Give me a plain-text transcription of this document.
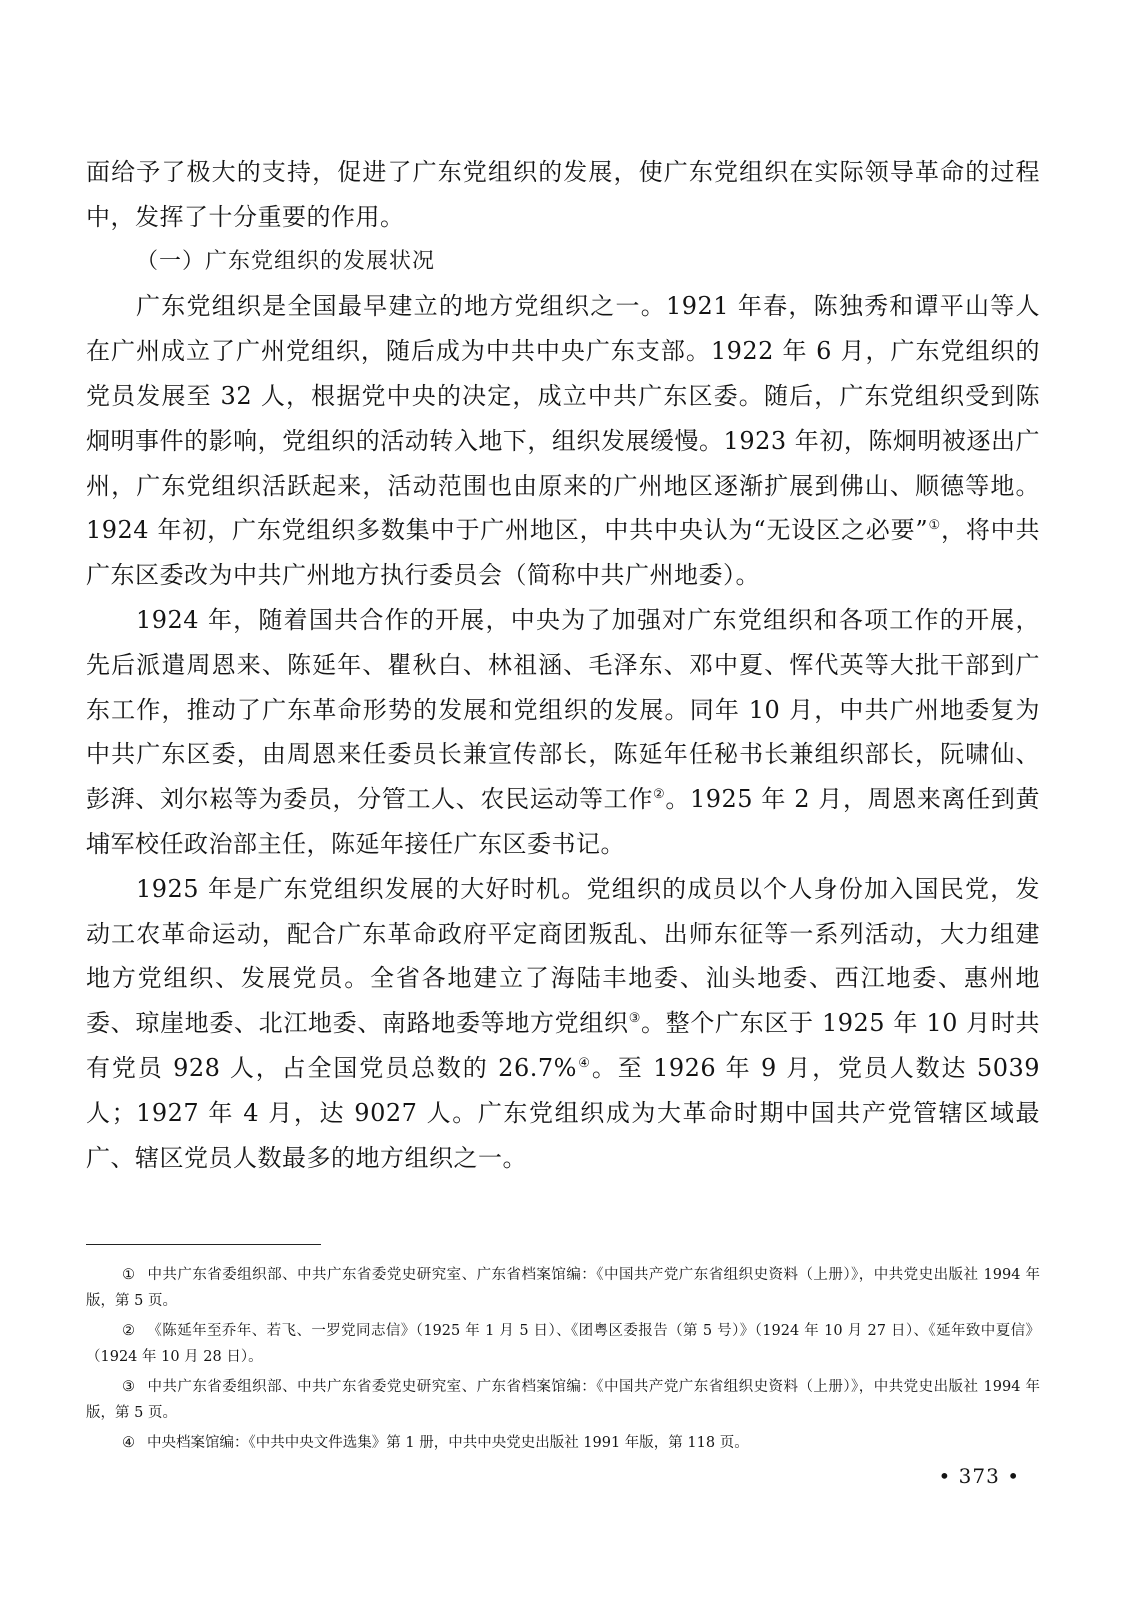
面给予了极大的支持，促进了广东党组织的发展，使广东党组织在实际领导革命的过程中，发挥了十分重要的作用。

（一）广东党组织的发展状况

广东党组织是全国最早建立的地方党组织之一。1921 年春，陈独秀和谭平山等人在广州成立了广州党组织，随后成为中共中央广东支部。1922 年 6 月，广东党组织的党员发展至 32 人，根据党中央的决定，成立中共广东区委。随后，广东党组织受到陈炯明事件的影响，党组织的活动转入地下，组织发展缓慢。1923 年初，陈炯明被逐出广州，广东党组织活跃起来，活动范围也由原来的广州地区逐渐扩展到佛山、顺德等地。1924 年初，广东党组织多数集中于广州地区，中共中央认为“无设区之必要”①，将中共广东区委改为中共广州地方执行委员会（简称中共广州地委）。

1924 年，随着国共合作的开展，中央为了加强对广东党组织和各项工作的开展，先后派遣周恩来、陈延年、瞿秋白、林祖涵、毛泽东、邓中夏、恽代英等大批干部到广东工作，推动了广东革命形势的发展和党组织的发展。同年 10 月，中共广州地委复为中共广东区委，由周恩来任委员长兼宣传部长，陈延年任秘书长兼组织部长，阮啸仙、彭湃、刘尔崧等为委员，分管工人、农民运动等工作②。1925 年 2 月，周恩来离任到黄埔军校任政治部主任，陈延年接任广东区委书记。

1925 年是广东党组织发展的大好时机。党组织的成员以个人身份加入国民党，发动工农革命运动，配合广东革命政府平定商团叛乱、出师东征等一系列活动，大力组建地方党组织、发展党员。全省各地建立了海陆丰地委、汕头地委、西江地委、惠州地委、琼崖地委、北江地委、南路地委等地方党组织③。整个广东区于 1925 年 10 月时共有党员 928 人，占全国党员总数的 26.7%④。至 1926 年 9 月，党员人数达 5039 人；1927 年 4 月，达 9027 人。广东党组织成为大革命时期中国共产党管辖区域最广、辖区党员人数最多的地方组织之一。

① 中共广东省委组织部、中共广东省委党史研究室、广东省档案馆编：《中国共产党广东省组织史资料（上册）》，中共党史出版社 1994 年版，第 5 页。

② 《陈延年至乔年、若飞、一罗党同志信》（1925 年 1 月 5 日）、《团粤区委报告（第 5 号）》（1924 年 10 月 27 日）、《延年致中夏信》（1924 年 10 月 28 日）。

③ 中共广东省委组织部、中共广东省委党史研究室、广东省档案馆编：《中国共产党广东省组织史资料（上册）》，中共党史出版社 1994 年版，第 5 页。

④ 中央档案馆编：《中共中央文件选集》第 1 册，中共中央党史出版社 1991 年版，第 118 页。

• 373 •
